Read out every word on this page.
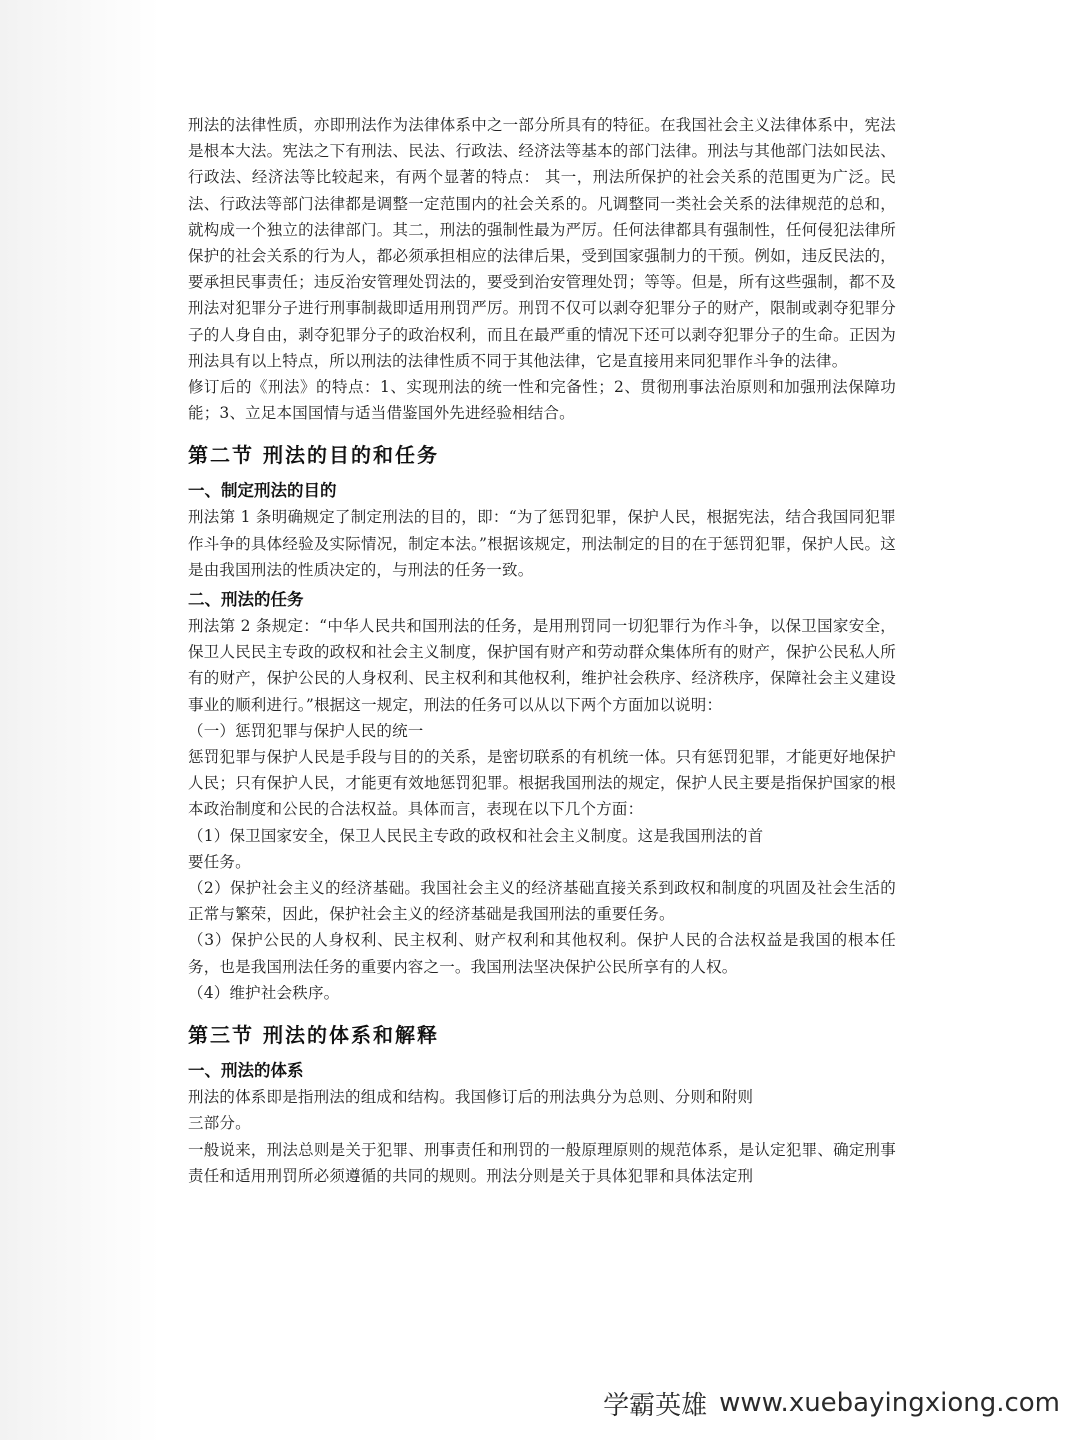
刑法的法律性质，亦即刑法作为法律体系中之一部分所具有的特征。在我国社会主义法律体系中，宪法是根本大法。宪法之下有刑法、民法、行政法、经济法等基本的部门法律。刑法与其他部门法如民法、行政法、经济法等比较起来，有两个显著的特点： 其一，刑法所保护的社会关系的范围更为广泛。民法、行政法等部门法律都是调整一定范围内的社会关系的。凡调整同一类社会关系的法律规范的总和，就构成一个独立的法律部门。其二，刑法的强制性最为严厉。任何法律都具有强制性，任何侵犯法律所保护的社会关系的行为人，都必须承担相应的法律后果，受到国家强制力的干预。例如，违反民法的，要承担民事责任；违反治安管理处罚法的，要受到治安管理处罚；等等。但是，所有这些强制，都不及刑法对犯罪分子进行刑事制裁即适用刑罚严厉。刑罚不仅可以剥夺犯罪分子的财产，限制或剥夺犯罪分子的人身自由，剥夺犯罪分子的政治权利，而且在最严重的情况下还可以剥夺犯罪分子的生命。正因为刑法具有以上特点，所以刑法的法律性质不同于其他法律，它是直接用来同犯罪作斗争的法律。

修订后的《刑法》的特点：1、实现刑法的统一性和完备性；2、贯彻刑事法治原则和加强刑法保障功能；3、立足本国国情与适当借鉴国外先进经验相结合。

第二节 刑法的目的和任务
一、制定刑法的目的

刑法第 1 条明确规定了制定刑法的目的，即：“为了惩罚犯罪，保护人民，根据宪法，结合我国同犯罪作斗争的具体经验及实际情况，制定本法。”根据该规定，刑法制定的目的在于惩罚犯罪，保护人民。这是由我国刑法的性质决定的，与刑法的任务一致。

二、刑法的任务

刑法第 2 条规定：“中华人民共和国刑法的任务，是用刑罚同一切犯罪行为作斗争，以保卫国家安全，保卫人民民主专政的政权和社会主义制度，保护国有财产和劳动群众集体所有的财产，保护公民私人所有的财产，保护公民的人身权利、民主权利和其他权利，维护社会秩序、经济秩序，保障社会主义建设事业的顺利进行。”根据这一规定，刑法的任务可以从以下两个方面加以说明：

（一）惩罚犯罪与保护人民的统一

惩罚犯罪与保护人民是手段与目的的关系，是密切联系的有机统一体。只有惩罚犯罪，才能更好地保护人民；只有保护人民，才能更有效地惩罚犯罪。根据我国刑法的规定，保护人民主要是指保护国家的根本政治制度和公民的合法权益。具体而言，表现在以下几个方面：

（1）保卫国家安全，保卫人民民主专政的政权和社会主义制度。这是我国刑法的首

要任务。

（2）保护社会主义的经济基础。我国社会主义的经济基础直接关系到政权和制度的巩固及社会生活的正常与繁荣，因此，保护社会主义的经济基础是我国刑法的重要任务。

（3）保护公民的人身权利、民主权利、财产权利和其他权利。保护人民的合法权益是我国的根本任务，也是我国刑法任务的重要内容之一。我国刑法坚决保护公民所享有的人权。

（4）维护社会秩序。

第三节 刑法的体系和解释
一、刑法的体系

刑法的体系即是指刑法的组成和结构。我国修订后的刑法典分为总则、分则和附则

三部分。

一般说来，刑法总则是关于犯罪、刑事责任和刑罚的一般原理原则的规范体系，是认定犯罪、确定刑事责任和适用刑罚所必须遵循的共同的规则。刑法分则是关于具体犯罪和具体法定刑

学霸英雄 www.xuebayingxiong.com
